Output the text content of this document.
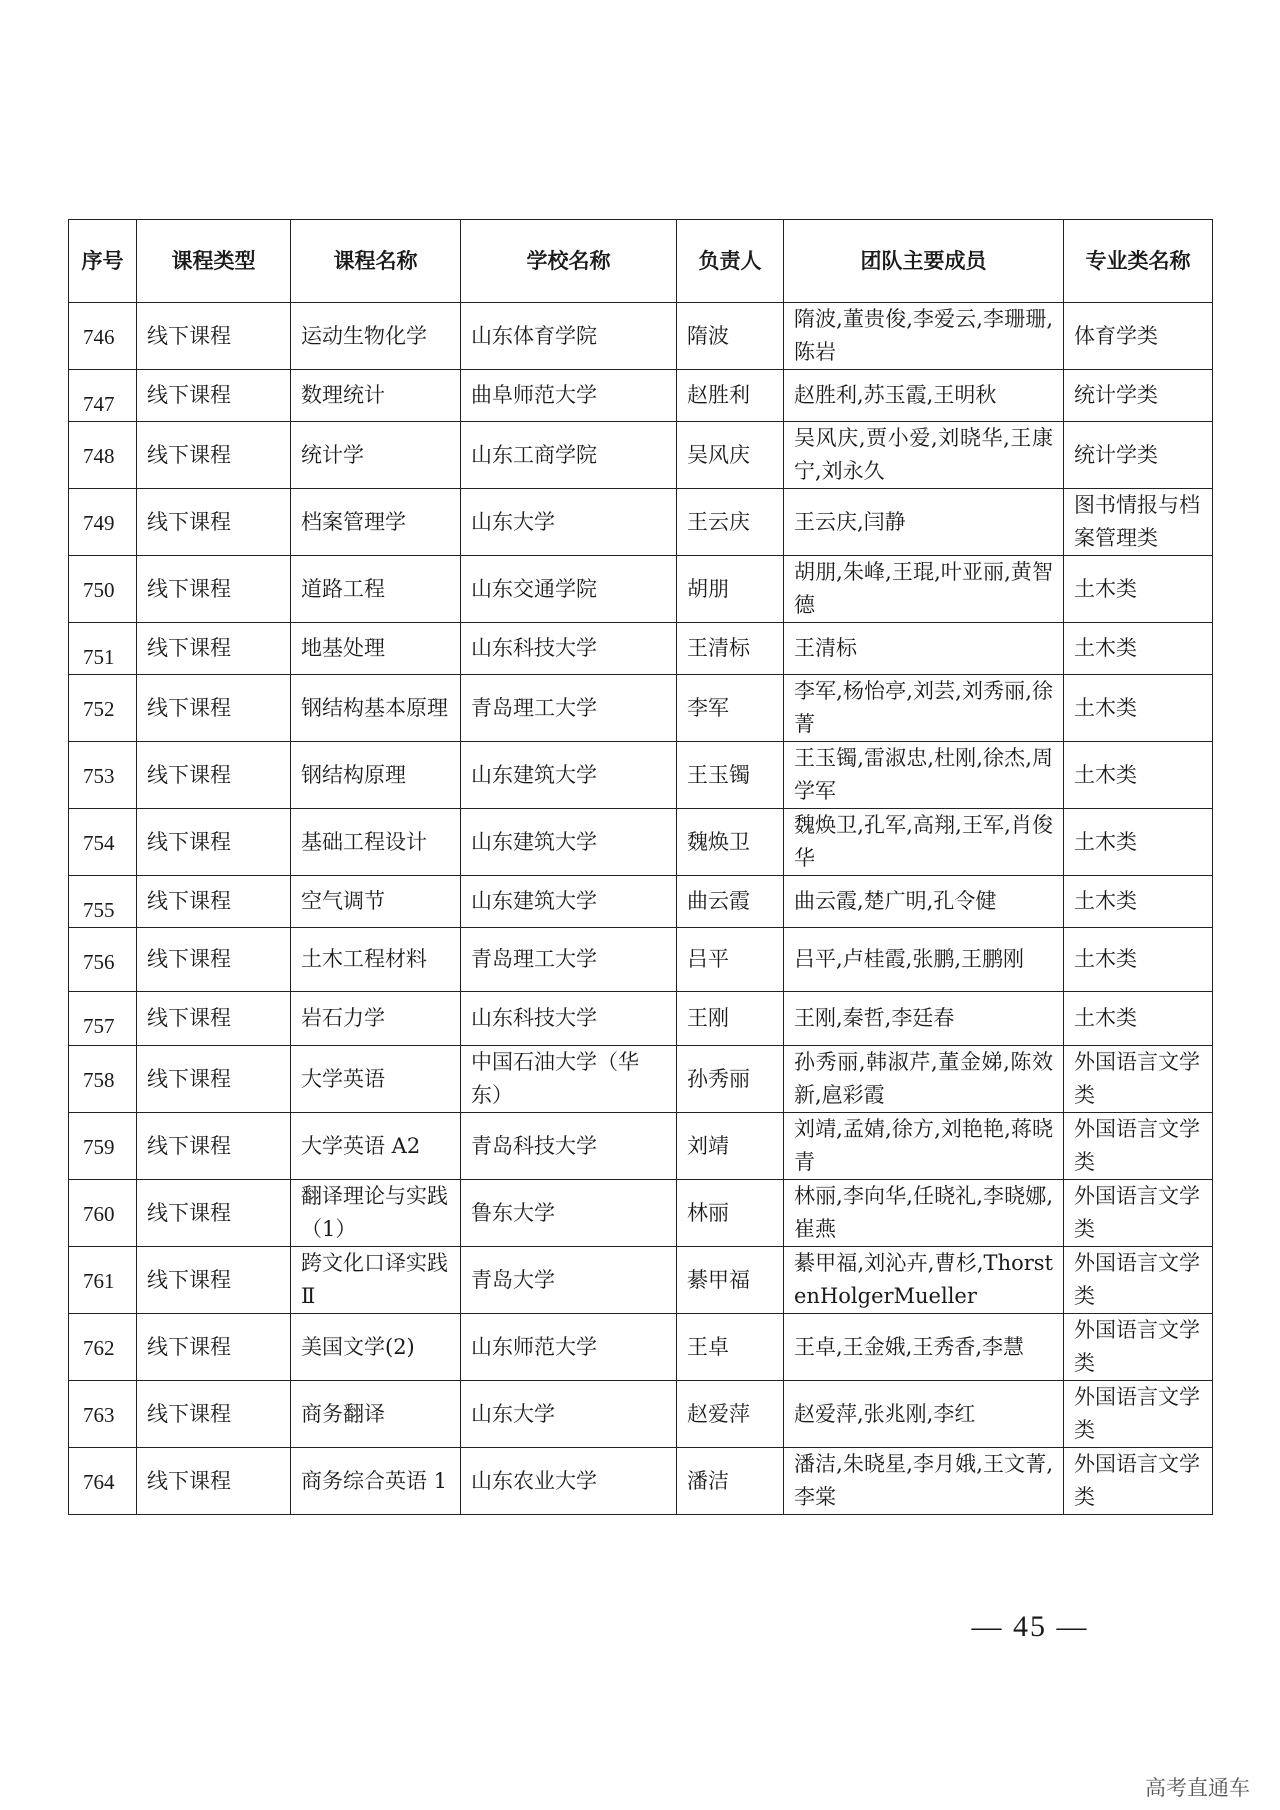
序号	课程类型	课程名称	学校名称	负责人	团队主要成员	专业类名称
746	线下课程	运动生物化学	山东体育学院	隋波	隋波,董贵俊,李爱云,李珊珊,陈岩	体育学类
747	线下课程	数理统计	曲阜师范大学	赵胜利	赵胜利,苏玉霞,王明秋	统计学类
748	线下课程	统计学	山东工商学院	吴风庆	吴风庆,贾小爱,刘晓华,王康宁,刘永久	统计学类
749	线下课程	档案管理学	山东大学	王云庆	王云庆,闫静	图书情报与档案管理类
750	线下课程	道路工程	山东交通学院	胡朋	胡朋,朱峰,王琨,叶亚丽,黄智德	土木类
751	线下课程	地基处理	山东科技大学	王清标	王清标	土木类
752	线下课程	钢结构基本原理	青岛理工大学	李军	李军,杨怡亭,刘芸,刘秀丽,徐菁	土木类
753	线下课程	钢结构原理	山东建筑大学	王玉镯	王玉镯,雷淑忠,杜刚,徐杰,周学军	土木类
754	线下课程	基础工程设计	山东建筑大学	魏焕卫	魏焕卫,孔军,高翔,王军,肖俊华	土木类
755	线下课程	空气调节	山东建筑大学	曲云霞	曲云霞,楚广明,孔令健	土木类
756	线下课程	土木工程材料	青岛理工大学	吕平	吕平,卢桂霞,张鹏,王鹏刚	土木类
757	线下课程	岩石力学	山东科技大学	王刚	王刚,秦哲,李廷春	土木类
758	线下课程	大学英语	中国石油大学（华东）	孙秀丽	孙秀丽,韩淑芹,董金娣,陈效新,扈彩霞	外国语言文学类
759	线下课程	大学英语 A2	青岛科技大学	刘靖	刘靖,孟婧,徐方,刘艳艳,蒋晓青	外国语言文学类
760	线下课程	翻译理论与实践（1）	鲁东大学	林丽	林丽,李向华,任晓礼,李晓娜,崔燕	外国语言文学类
761	线下课程	跨文化口译实践Ⅱ	青岛大学	綦甲福	綦甲福,刘沁卉,曹杉,ThorstenHolgerMueller	外国语言文学类
762	线下课程	美国文学(2)	山东师范大学	王卓	王卓,王金娥,王秀香,李慧	外国语言文学类
763	线下课程	商务翻译	山东大学	赵爱萍	赵爱萍,张兆刚,李红	外国语言文学类
764	线下课程	商务综合英语 1	山东农业大学	潘洁	潘洁,朱晓星,李月娥,王文菁,李棠	外国语言文学类
— 45 —
高考直通车
